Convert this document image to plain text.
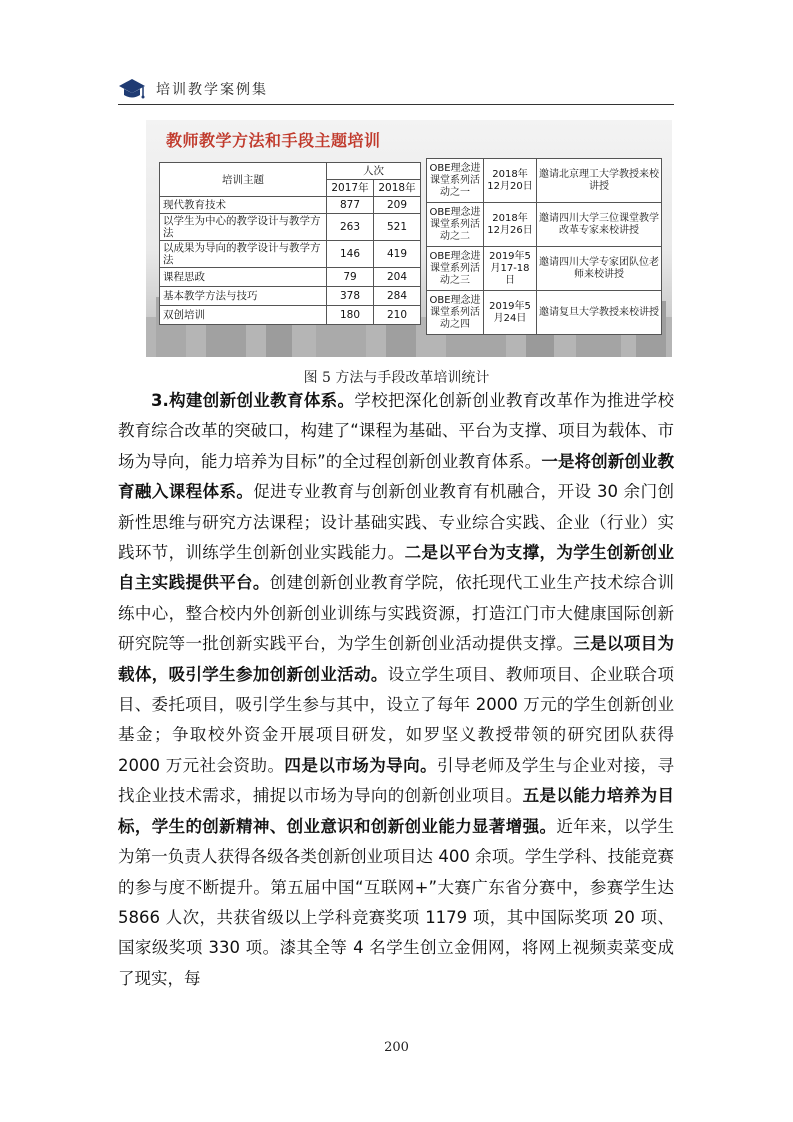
培训教学案例集
教师教学方法和手段主题培训
培训主题	人次	
	2017年	2018年
现代教育技术	877	209
以学生为中心的教学设计与教学方法	263	521
以成果为导向的教学设计与教学方法	146	419
课程思政	79	204
基本教学方法与技巧	378	284
双创培训	180	210
OBE理念进课堂系列活动之一	2018年12月20日	邀请北京理工大学教授来校讲授
OBE理念进课堂系列活动之二	2018年12月26日	邀请四川大学三位课堂教学改革专家来校讲授
OBE理念进课堂系列活动之三	2019年5月17-18日	邀请四川大学专家团队位老师来校讲授
OBE理念进课堂系列活动之四	2019年5月24日	邀请复旦大学教授来校讲授
图 5 方法与手段改革培训统计

3.构建创新创业教育体系。学校把深化创新创业教育改革作为推进学校教育综合改革的突破口，构建了“课程为基础、平台为支撑、项目为载体、市场为导向，能力培养为目标”的全过程创新创业教育体系。一是将创新创业教育融入课程体系。促进专业教育与创新创业教育有机融合，开设 30 余门创新性思维与研究方法课程；设计基础实践、专业综合实践、企业（行业）实践环节，训练学生创新创业实践能力。二是以平台为支撑，为学生创新创业自主实践提供平台。创建创新创业教育学院，依托现代工业生产技术综合训练中心，整合校内外创新创业训练与实践资源，打造江门市大健康国际创新研究院等一批创新实践平台，为学生创新创业活动提供支撑。三是以项目为载体，吸引学生参加创新创业活动。设立学生项目、教师项目、企业联合项目、委托项目，吸引学生参与其中，设立了每年 2000 万元的学生创新创业基金；争取校外资金开展项目研发，如罗坚义教授带领的研究团队获得 2000 万元社会资助。四是以市场为导向。引导老师及学生与企业对接，寻找企业技术需求，捕捉以市场为导向的创新创业项目。五是以能力培养为目标，学生的创新精神、创业意识和创新创业能力显著增强。近年来，以学生为第一负责人获得各级各类创新创业项目达 400 余项。学生学科、技能竞赛的参与度不断提升。第五届中国“互联网+”大赛广东省分赛中，参赛学生达 5866 人次，共获省级以上学科竞赛奖项 1179 项，其中国际奖项 20 项、国家级奖项 330 项。漆其全等 4 名学生创立金佣网，将网上视频卖菜变成了现实，每

200
